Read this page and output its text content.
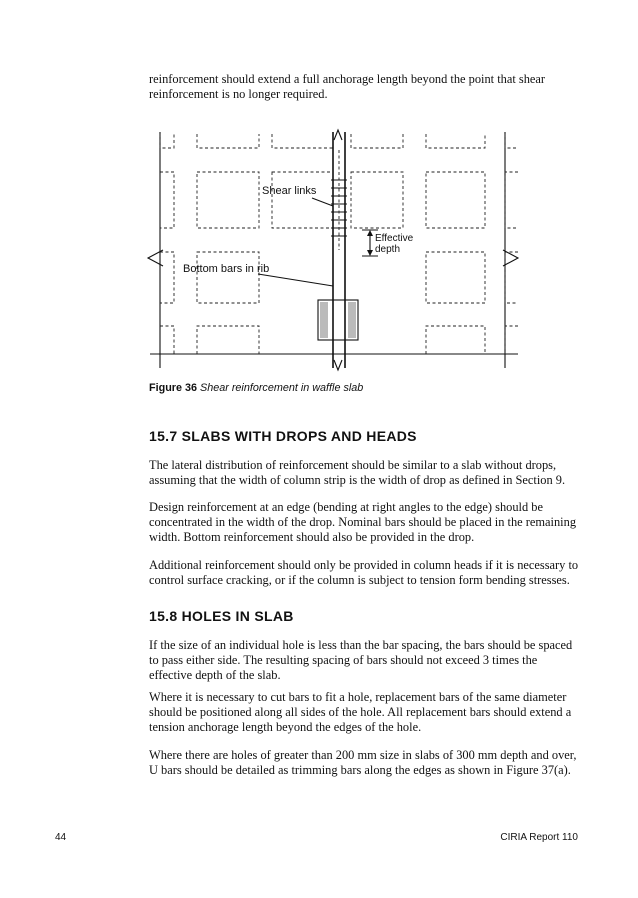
reinforcement should extend a full anchorage length beyond the point that shear reinforcement is no longer required.

Shear links
Effective
depth
Bottom bars in rib
Figure 36 Shear reinforcement in waffle slab
15.7 SLABS WITH DROPS AND HEADS

The lateral distribution of reinforcement should be similar to a slab without drops, assuming that the width of column strip is the width of drop as defined in Section 9.

Design reinforcement at an edge (bending at right angles to the edge) should be concentrated in the width of the drop. Nominal bars should be placed in the remaining width. Bottom reinforcement should also be provided in the drop.

Additional reinforcement should only be provided in column heads if it is necessary to control surface cracking, or if the column is subject to tension form bending stresses.

15.8 HOLES IN SLAB

If the size of an individual hole is less than the bar spacing, the bars should be spaced to pass either side. The resulting spacing of bars should not exceed 3 times the effective depth of the slab.

Where it is necessary to cut bars to fit a hole, replacement bars of the same diameter should be positioned along all sides of the hole. All replacement bars should extend a tension anchorage length beyond the edges of the hole.

Where there are holes of greater than 200 mm size in slabs of 300 mm depth and over, U bars should be detailed as trimming bars along the edges as shown in Figure 37(a).

44	CIRIA Report 110
